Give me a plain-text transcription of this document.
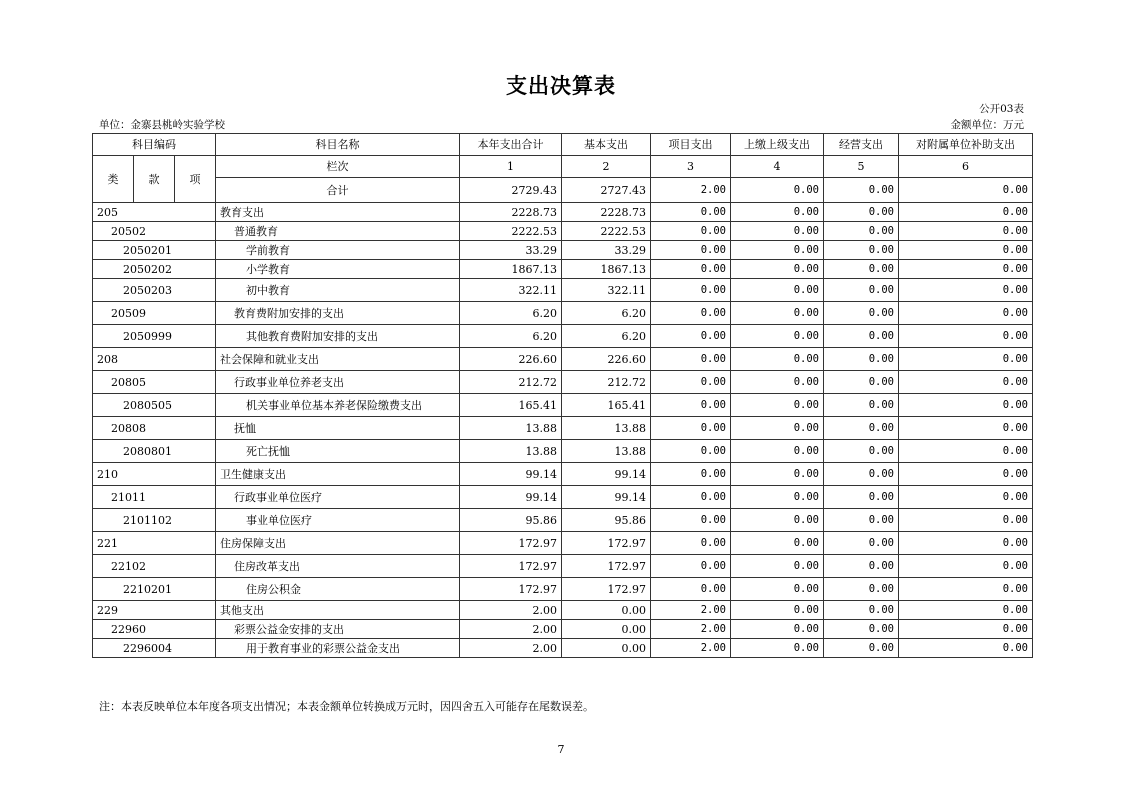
支出决算表
公开03表
单位：金寨县桃岭实验学校	金额单位：万元
科目编码	科目名称	本年支出合计	基本支出	项目支出	上缴上级支出	经营支出	对附属单位补助支出

类 款 项	栏次	1	2	3	4	5	6
	合计	2729.43	2727.43	2.00	0.00	0.00	0.00
205	教育支出	2228.73	2228.73	0.00	0.00	0.00	0.00
20502	普通教育	2222.53	2222.53	0.00	0.00	0.00	0.00
2050201	学前教育	33.29	33.29	0.00	0.00	0.00	0.00
2050202	小学教育	1867.13	1867.13	0.00	0.00	0.00	0.00
2050203	初中教育	322.11	322.11	0.00	0.00	0.00	0.00
20509	教育费附加安排的支出	6.20	6.20	0.00	0.00	0.00	0.00
2050999	其他教育费附加安排的支出	6.20	6.20	0.00	0.00	0.00	0.00
208	社会保障和就业支出	226.60	226.60	0.00	0.00	0.00	0.00
20805	行政事业单位养老支出	212.72	212.72	0.00	0.00	0.00	0.00
2080505	机关事业单位基本养老保险缴费支出	165.41	165.41	0.00	0.00	0.00	0.00
20808	抚恤	13.88	13.88	0.00	0.00	0.00	0.00
2080801	死亡抚恤	13.88	13.88	0.00	0.00	0.00	0.00
210	卫生健康支出	99.14	99.14	0.00	0.00	0.00	0.00
21011	行政事业单位医疗	99.14	99.14	0.00	0.00	0.00	0.00
2101102	事业单位医疗	95.86	95.86	0.00	0.00	0.00	0.00
221	住房保障支出	172.97	172.97	0.00	0.00	0.00	0.00
22102	住房改革支出	172.97	172.97	0.00	0.00	0.00	0.00
2210201	住房公积金	172.97	172.97	0.00	0.00	0.00	0.00
229	其他支出	2.00	0.00	2.00	0.00	0.00	0.00
22960	彩票公益金安排的支出	2.00	0.00	2.00	0.00	0.00	0.00
2296004	用于教育事业的彩票公益金支出	2.00	0.00	2.00	0.00	0.00	0.00
注：本表反映单位本年度各项支出情况；本表金额单位转换成万元时，因四舍五入可能存在尾数误差。
7
